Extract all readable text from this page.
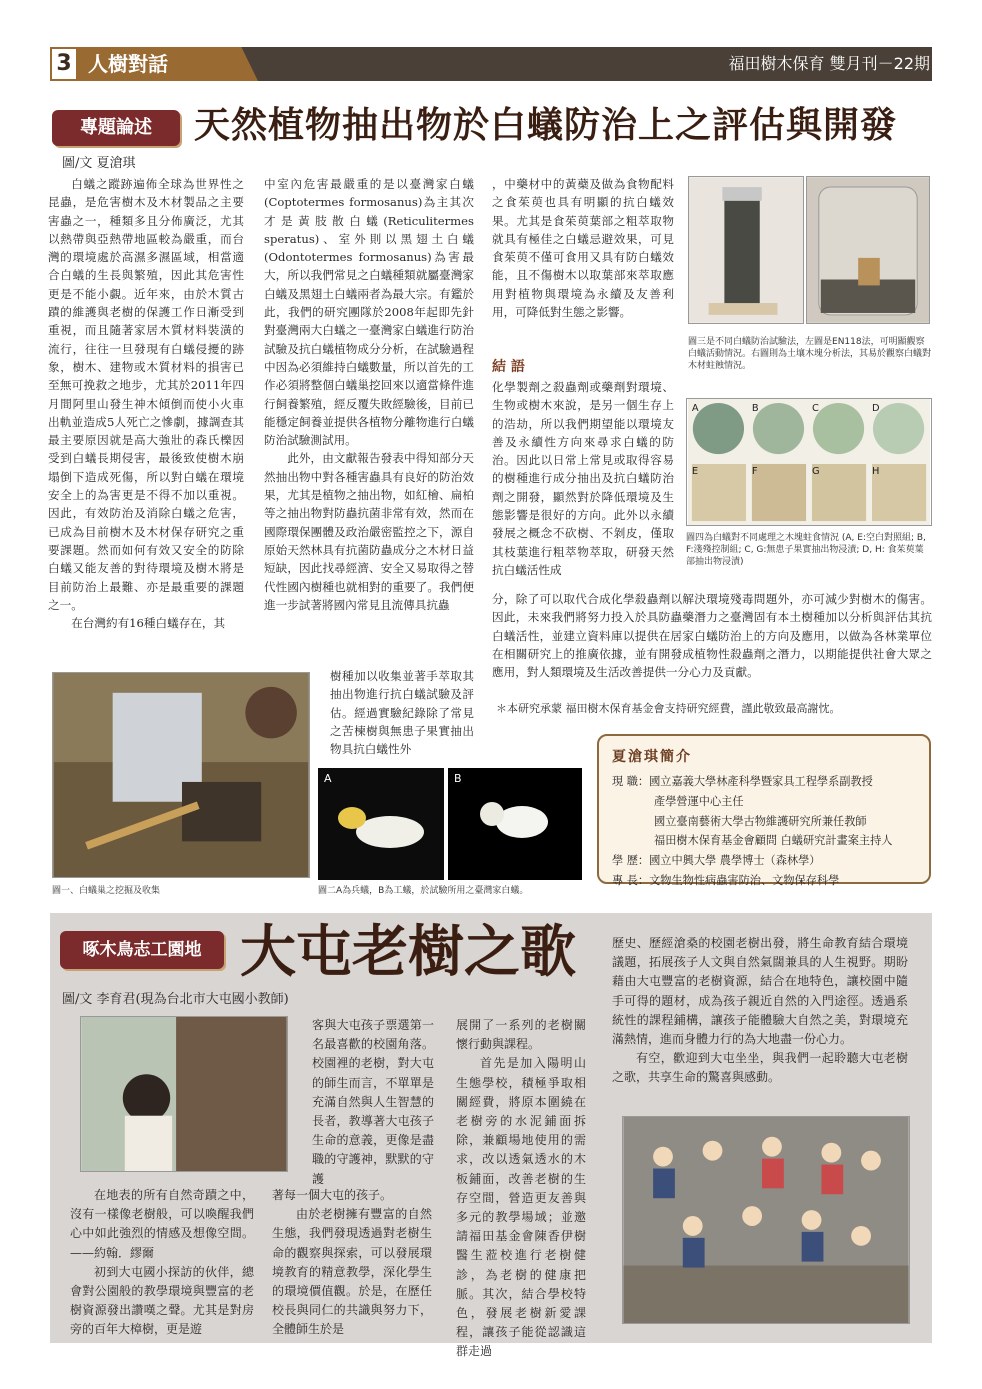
3 人樹對話	福田樹木保育 雙月刊－22期
專題論述	天然植物抽出物於白蟻防治上之評估與開發
圖/文 夏滄琪

白蟻之蹤跡遍佈全球為世界性之昆蟲，是危害樹木及木材製品之主要害蟲之一，種類多且分佈廣泛，尤其以熱帶與亞熱帶地區較為嚴重，而台灣的環境處於高濕多濕區域，相當適合白蟻的生長與繁殖，因此其危害性更是不能小覷。近年來，由於木質古蹟的維護與老樹的保護工作日漸受到重視，而且隨著家居木質材料裝潢的流行，往往一旦發現有白蟻侵擾的跡象，樹木、建物或木質材料的損害已至無可挽救之地步，尤其於2011年四月間阿里山發生神木傾倒而使小火車出軌並造成5人死亡之慘劇，據調查其最主要原因就是高大強壯的森氏櫟因受到白蟻長期侵害，最後致使樹木崩塌倒下造成死傷，所以對白蟻在環境安全上的為害更是不得不加以重視。因此，有效防治及消除白蟻之危害，已成為目前樹木及木材保存研究之重要課題。然而如何有效又安全的防除白蟻又能友善的對待環境及樹木將是目前防治上最難、亦是最重要的課題之一。

在台灣約有16種白蟻存在，其

中室內危害最嚴重的是以臺灣家白蟻(Coptotermes formosanus)為主其次才是黃肢散白蟻(Reticulitermes speratus)、室外則以黑翅土白蟻(Odontotermes formosanus)為害最大，所以我們常見之白蟻種類就屬臺灣家白蟻及黑翅土白蟻兩者為最大宗。有鑑於此，我們的研究團隊於2008年起即先針對臺灣兩大白蟻之一臺灣家白蟻進行防治試驗及抗白蟻植物成分分析，在試驗過程中因為必須維持白蟻數量，所以首先的工作必須將整個白蟻巢挖回來以適當條件進行飼養繁殖，經反覆失敗經驗後，目前已能穩定飼養並提供各植物分離物進行白蟻防治試驗測試用。

此外，由文獻報告發表中得知部分天然抽出物中對各種害蟲具有良好的防治效果，尤其是植物之抽出物，如紅檜、扁柏等之抽出物對防蟲抗菌非常有效，然而在國際環保團體及政治嚴密監控之下，源自原始天然林具有抗菌防蟲成分之木材日益短缺，因此找尋經濟、安全又易取得之替代性國內樹種也就相對的重要了。我們便進一步試著將國內常見且流傳具抗蟲

，中藥材中的黃蘗及做為食物配料之食茱萸也具有明顯的抗白蟻效果。尤其是食茱萸葉部之粗萃取物就具有極佳之白蟻忌避效果，可見食茱萸不僅可食用又具有防白蟻效能，且不傷樹木以取葉部來萃取應用對植物與環境為永續及友善利用，可降低對生態之影響。

結 語

化學製劑之殺蟲劑或藥劑對環境、生物或樹木來說，是另一個生存上的浩劫，所以我們期望能以環境友善及永續性方向來尋求白蟻的防治。因此以日常上常見或取得容易的樹種進行成分抽出及抗白蟻防治劑之開發，顯然對於降低環境及生態影響是很好的方向。此外以永續發展之概念不砍樹、不剝皮，僅取其枝葉進行粗萃物萃取，研發天然抗白蟻活性成

分，除了可以取代合成化學殺蟲劑以解決環境殘毒問題外，亦可減少對樹木的傷害。因此，未來我們將努力投入於具防蟲藥潛力之臺灣固有本土樹種加以分析與評估其抗白蟻活性，並建立資料庫以提供在居家白蟻防治上的方向及應用，以做為各林業單位在相關研究上的推廣依據，並有開發成植物性殺蟲劑之潛力，以期能提供社會大眾之應用，對人類環境及生活改善提供一分心力及貢獻。

＊本研究承蒙 福田樹木保育基金會支持研究經費，謹此敬致最高謝忱。

樹種加以收集並著手萃取其抽出物進行抗白蟻試驗及評估。經過實驗紀錄除了常見之苦楝樹與無患子果實抽出物具抗白蟻性外

圖三是不同白蟻防治試驗法，左圖是EN118法，可明顯觀察白蟻活動情況。右圖則為土壤木塊分析法，其易於觀察白蟻對木材蛀蝕情況。
A	B	C	D
E	F	G	H
圖四為白蟻對不同處理之木塊蛀食情況 (A, E:空白對照組; B, F:淺殘控制組; C, G:無患子果實抽出物浸漬; D, H: 食茱萸葉部抽出物浸漬)
圖一、白蟻巢之挖掘及收集
A	B
圖二A為兵蟻，B為工蟻，於試驗所用之臺灣家白蟻。
夏滄琪簡介
現 職：國立嘉義大學林產科學暨家具工程學系副教授
產學營運中心主任
國立臺南藝術大學古物維護研究所兼任教師
福田樹木保育基金會顧問 白蟻研究計畫案主持人
學 歷：國立中興大學 農學博士（森林學）
專 長：文物生物性病蟲害防治、文物保存科學
啄木鳥志工園地 大屯老樹之歌
圖/文 李育君(現為台北市大屯國小教師)

客與大屯孩子票選第一名最喜歡的校園角落。校園裡的老樹，對大屯的師生而言，不單單是充滿自然與人生智慧的長者，教導著大屯孩子生命的意義，更像是盡職的守護神，默默的守護

在地表的所有自然奇蹟之中，沒有一樣像老樹般，可以喚醒我們心中如此強烈的情感及想像空間。——約翰．繆爾

初到大屯國小探訪的伙伴，總會對公園般的教學環境與豐富的老樹資源發出讚嘆之聲。尤其是對房旁的百年大樟樹，更是遊

著每一個大屯的孩子。

由於老樹擁有豐富的自然生態，我們發現透過對老樹生命的觀察與探索，可以發展環境教育的精意教學，深化學生的環境價值觀。於是，在歷任校長與同仁的共識與努力下，全體師生於是

展開了一系列的老樹關懷行動與課程。

首先是加入陽明山生態學校，積極爭取相關經費，將原本圍繞在老樹旁的水泥鋪面拆除，兼顧場地使用的需求，改以透氣透水的木板鋪面，改善老樹的生存空間，營造更友善與多元的教學場域；並邀請福田基金會陳香伊樹醫生蒞校進行老樹健診，為老樹的健康把脈。其次，結合學校特色，發展老樹新愛課程，讓孩子能從認識這群走過

歷史、歷經滄桑的校園老樹出發，將生命教育結合環境議題，拓展孩子人文與自然氣闊兼具的人生視野。期盼藉由大屯豐富的老樹資源，結合在地特色，讓校園中隨手可得的題材，成為孩子親近自然的入門途徑。透過系統性的課程鋪構，讓孩子能體驗大自然之美，對環境充滿熱情，進而身體力行的為大地盡一份心力。

有空，歡迎到大屯坐坐，與我們一起聆聽大屯老樹之歌，共享生命的驚喜與感動。
